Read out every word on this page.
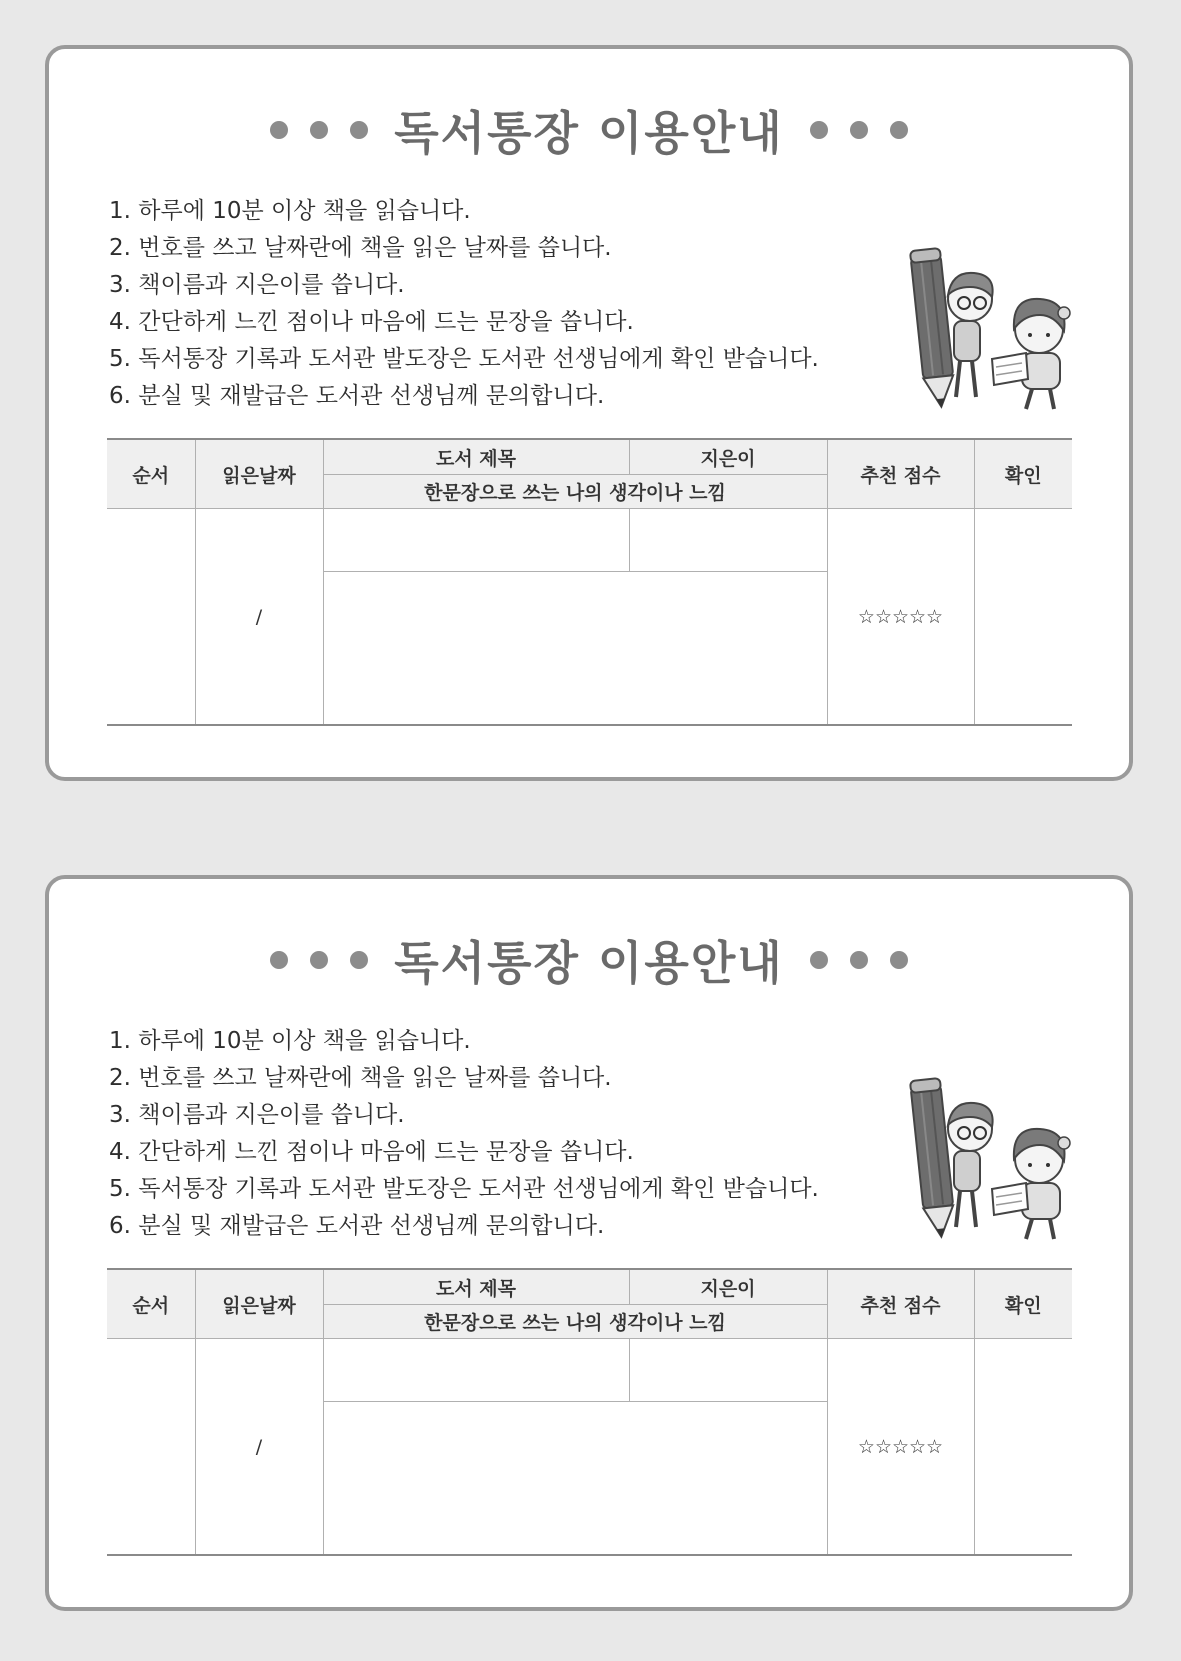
독서통장 이용안내
1. 하루에 10분 이상 책을 읽습니다.
2. 번호를 쓰고 날짜란에 책을 읽은 날짜를 씁니다.
3. 책이름과 지은이를 씁니다.
4. 간단하게 느낀 점이나 마음에 드는 문장을 씁니다.
5. 독서통장 기록과 도서관 발도장은 도서관 선생님에게 확인 받습니다.
6. 분실 및 재발급은 도서관 선생님께 문의합니다.
순서	읽은날짜	도서 제목	지은이	추천 점수	확인
		한문장으로 쓰는 나의 생각이나 느낌			
	/			☆☆☆☆☆	

독서통장 이용안내
1. 하루에 10분 이상 책을 읽습니다.
2. 번호를 쓰고 날짜란에 책을 읽은 날짜를 씁니다.
3. 책이름과 지은이를 씁니다.
4. 간단하게 느낀 점이나 마음에 드는 문장을 씁니다.
5. 독서통장 기록과 도서관 발도장은 도서관 선생님에게 확인 받습니다.
6. 분실 및 재발급은 도서관 선생님께 문의합니다.
순서	읽은날짜	도서 제목	지은이	추천 점수	확인
		한문장으로 쓰는 나의 생각이나 느낌			
	/			☆☆☆☆☆	
